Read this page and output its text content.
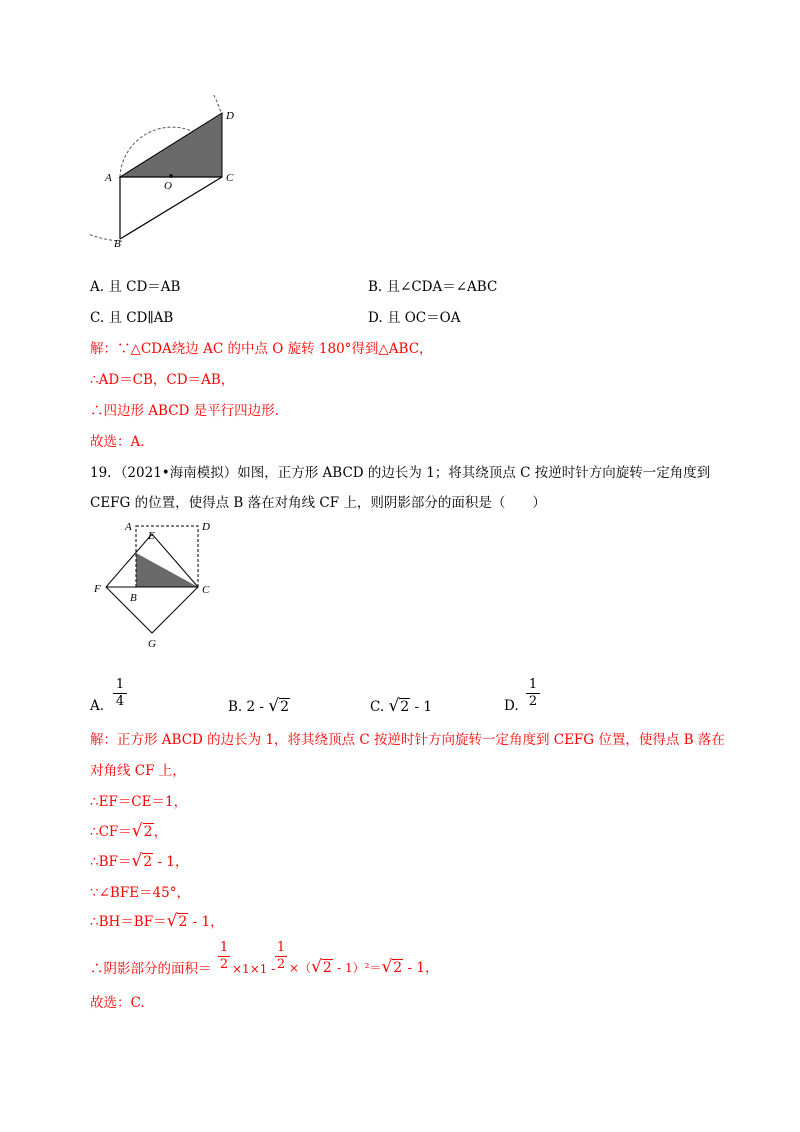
A
B
C
D
O
A. 且 CD＝AB	B. 且∠CDA＝∠ABC
C. 且 CD∥AB	D. 且 OC＝OA
解：∵△CDA绕边 AC 的中点 O 旋转 180°得到△ABC，
∴AD＝CB，CD＝AB，
∴四边形 ABCD 是平行四边形.
故选：A.
19．（2021•海南模拟）如图，正方形 ABCD 的边长为 1；将其绕顶点 C 按逆时针方向旋转一定角度到
CEFG 的位置，使得点 B 落在对角线 CF 上，则阴影部分的面积是（　　）
A	D
E
F
B
C
G
A.
1
4	B. 2 - √2	C. √2 - 1	D.
1
2
解：正方形 ABCD 的边长为 1，将其绕顶点 C 按逆时针方向旋转一定角度到 CEFG 位置，使得点 B 落在
对角线 CF 上，
∴EF＝CE＝1，
∴CF＝√2，
∴BF＝√2 - 1，
∵∠BFE＝45°，
∴BH＝BF＝√2 - 1，
∴阴影部分的面积＝
1
2 ×1×1 -
1
2 ×（√2 - 1）²＝√2 - 1，
故选：C.
